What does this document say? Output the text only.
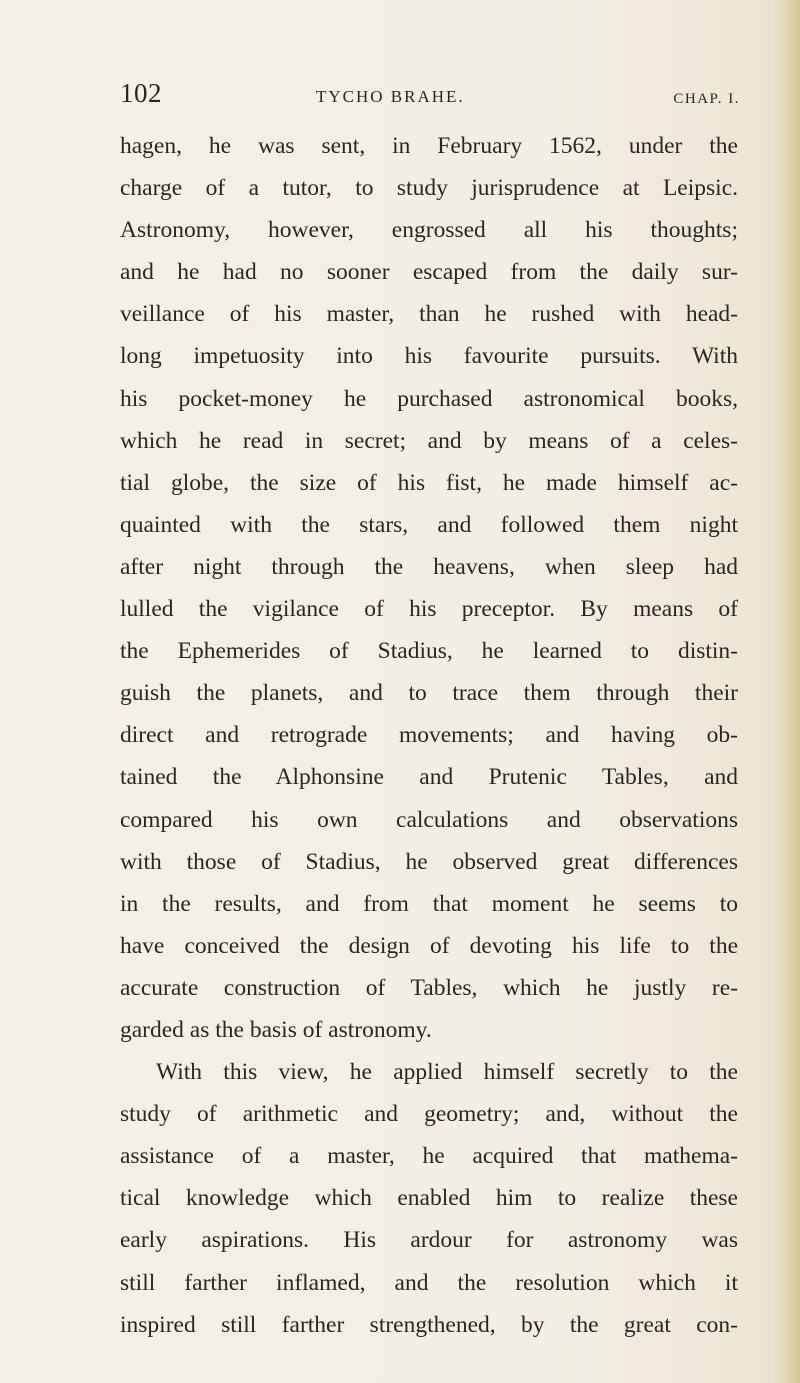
102	TYCHO BRAHE.	CHAP. I.
hagen, he was sent, in February 1562, under the
charge of a tutor, to study jurisprudence at Leipsic.
Astronomy, however, engrossed all his thoughts;
and he had no sooner escaped from the daily sur-
veillance of his master, than he rushed with head-
long impetuosity into his favourite pursuits. With
his pocket-money he purchased astronomical books,
which he read in secret; and by means of a celes-
tial globe, the size of his fist, he made himself ac-
quainted with the stars, and followed them night
after night through the heavens, when sleep had
lulled the vigilance of his preceptor. By means of
the Ephemerides of Stadius, he learned to distin-
guish the planets, and to trace them through their
direct and retrograde movements; and having ob-
tained the Alphonsine and Prutenic Tables, and
compared his own calculations and observations
with those of Stadius, he observed great differences
in the results, and from that moment he seems to
have conceived the design of devoting his life to the
accurate construction of Tables, which he justly re-
garded as the basis of astronomy.
With this view, he applied himself secretly to the
study of arithmetic and geometry; and, without the
assistance of a master, he acquired that mathema-
tical knowledge which enabled him to realize these
early aspirations. His ardour for astronomy was
still farther inflamed, and the resolution which it
inspired still farther strengthened, by the great con-
